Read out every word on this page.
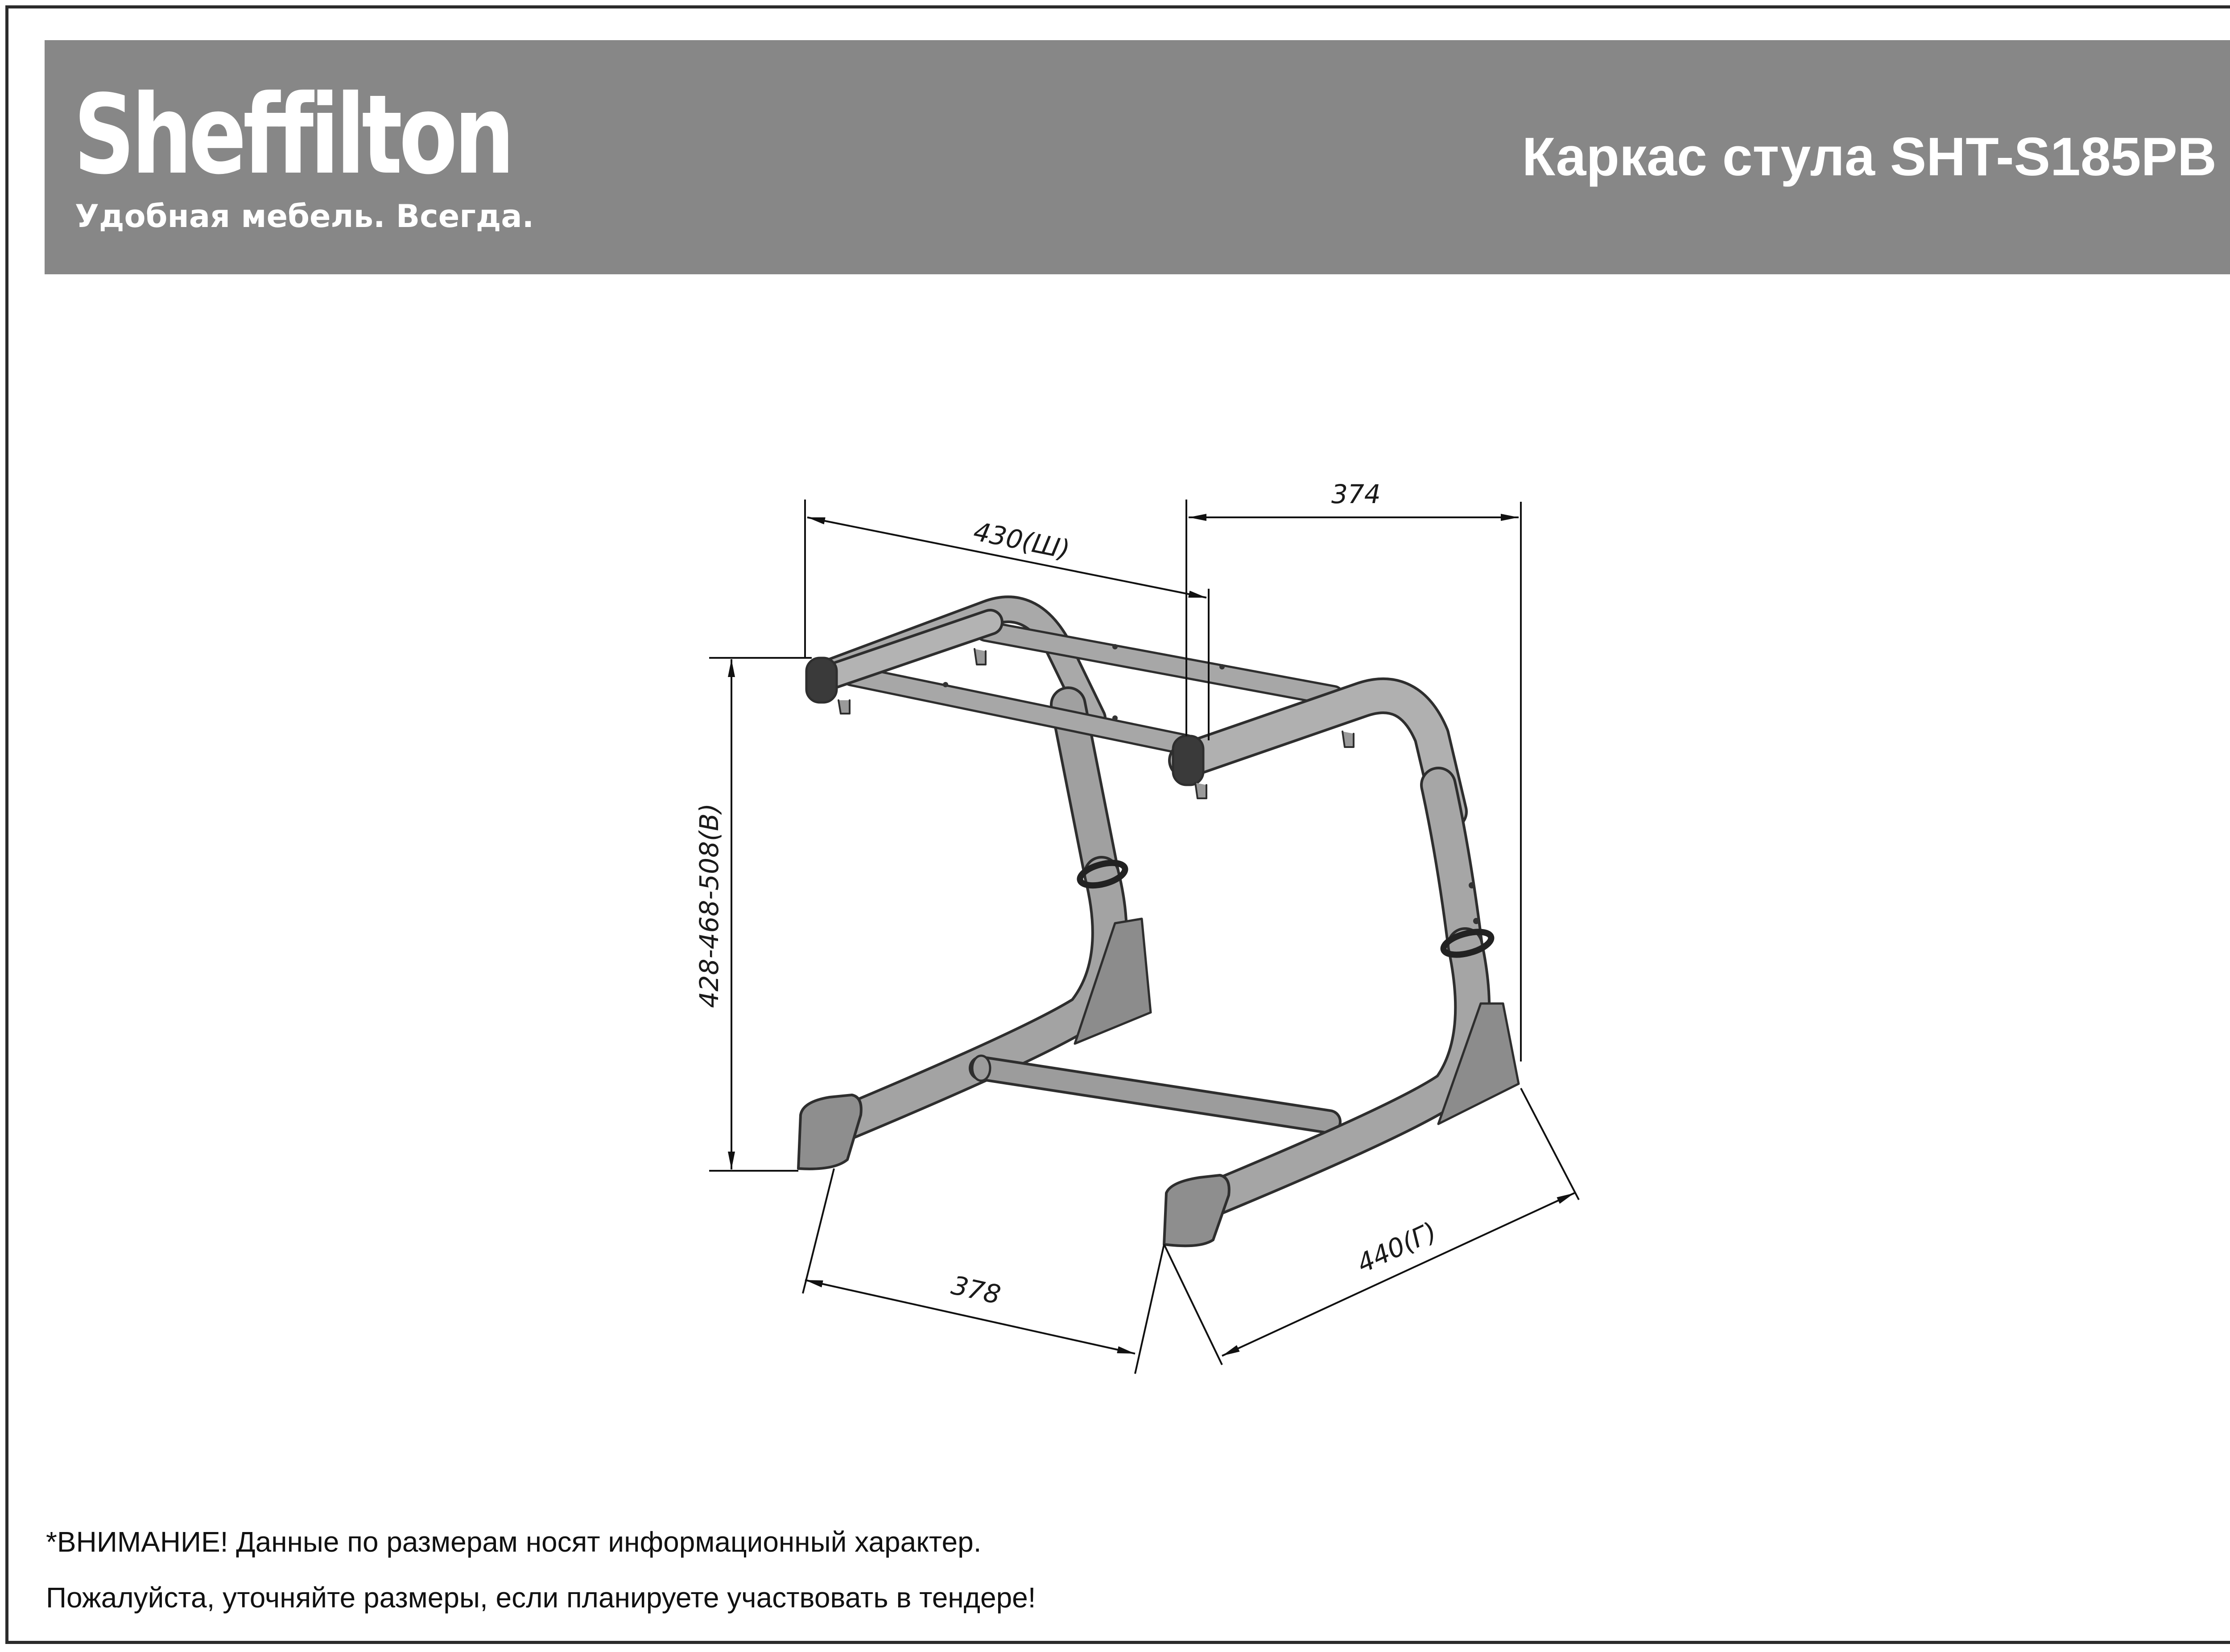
Sheffilton
Удобная мебель. Всегда.
Каркас стула SHT-S185PB
430(Ш)
374
428-468-508(В)
378
440(Г)
*ВНИМАНИЕ! Данные по размерам носят информационный характер.
Пожалуйста, уточняйте размеры, если планируете участвовать в тендере!
